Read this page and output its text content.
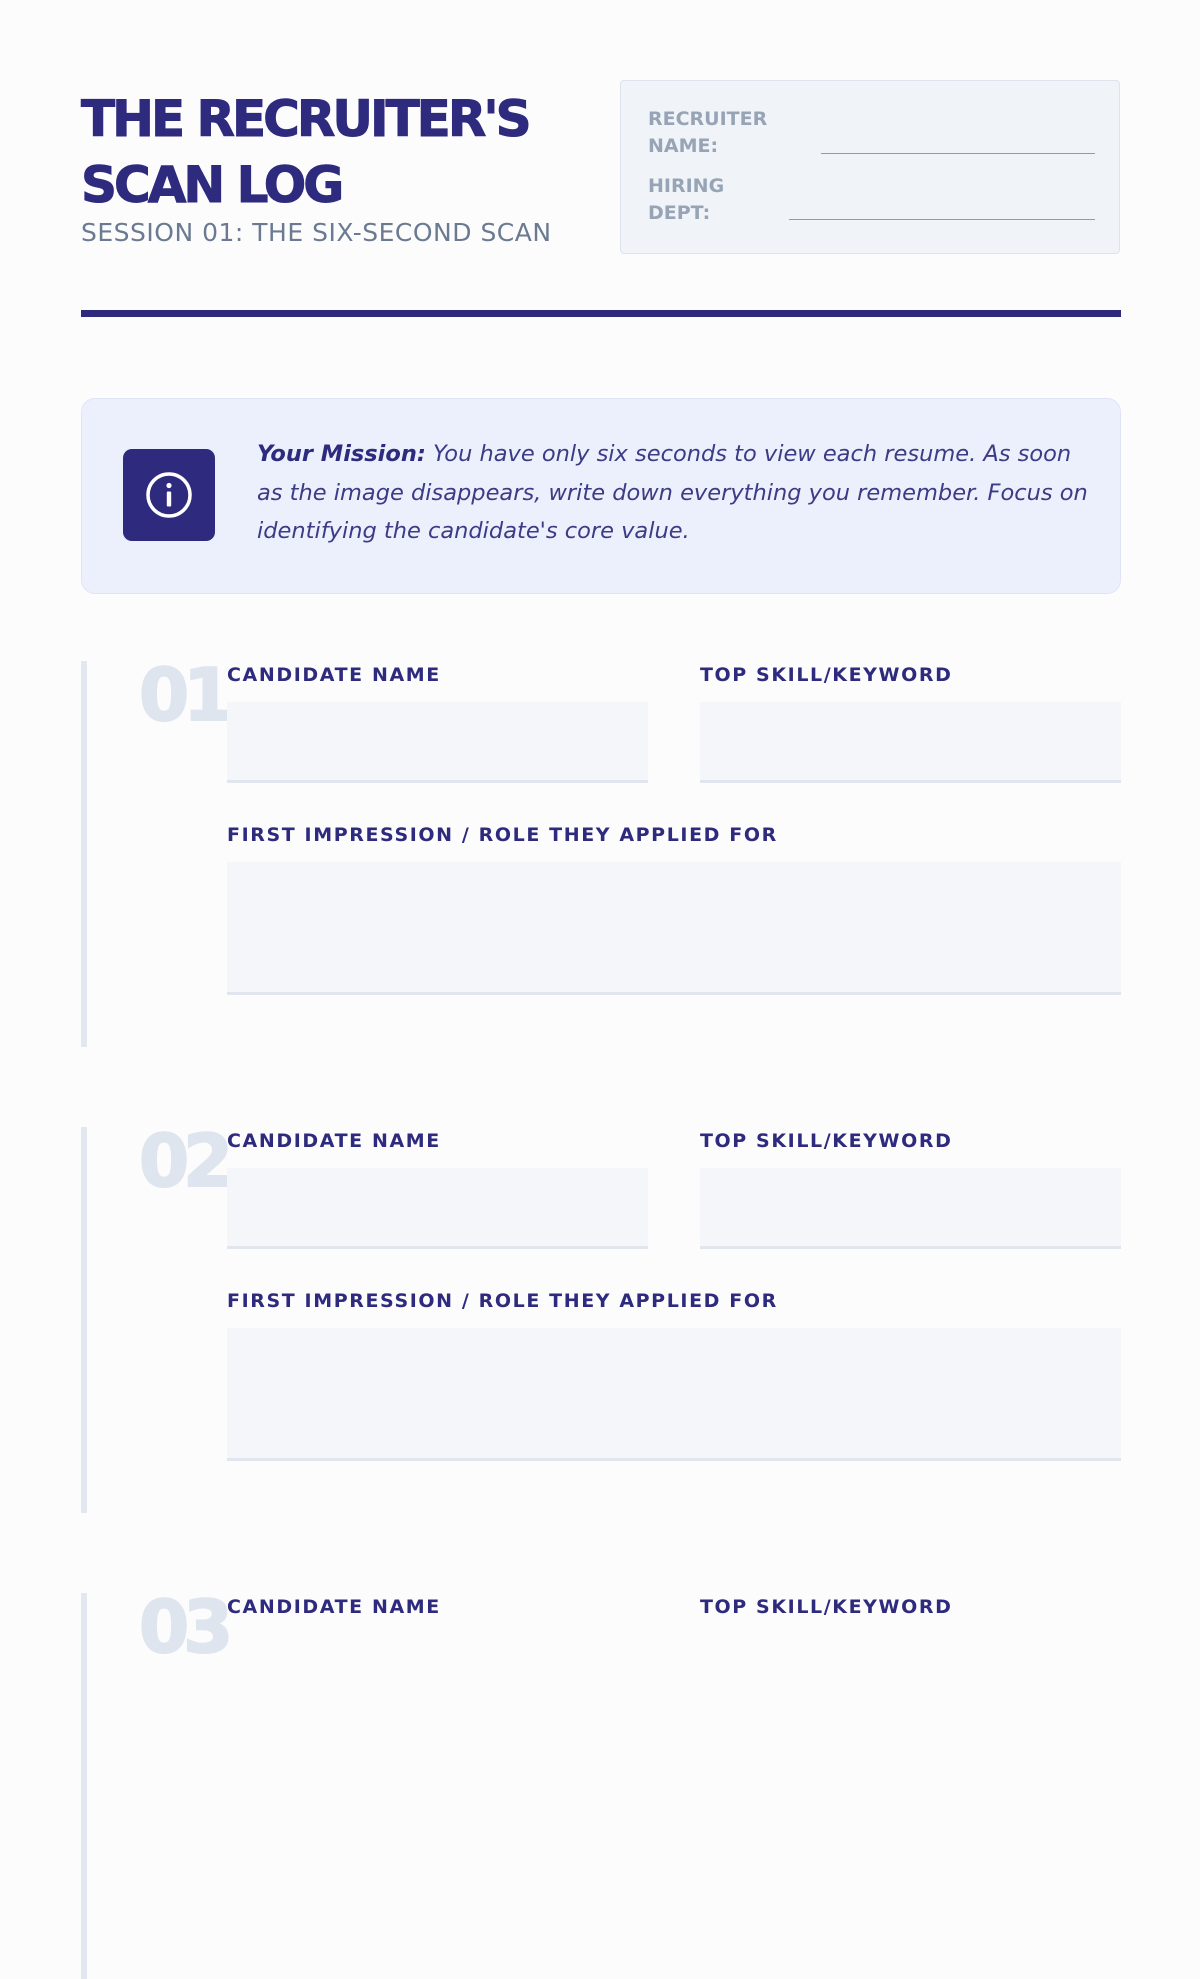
THE RECRUITER'S SCAN LOG
SESSION 01: THE SIX-SECOND SCAN
RECRUITER NAME:
HIRING DEPT:
Your Mission: You have only six seconds to view each resume. As soon as the image disappears, write down everything you remember. Focus on identifying the candidate's core value.
01 CANDIDATE NAME	TOP SKILL/KEYWORD
FIRST IMPRESSION / ROLE THEY APPLIED FOR
02 CANDIDATE NAME	TOP SKILL/KEYWORD
FIRST IMPRESSION / ROLE THEY APPLIED FOR
03 CANDIDATE NAME	TOP SKILL/KEYWORD
